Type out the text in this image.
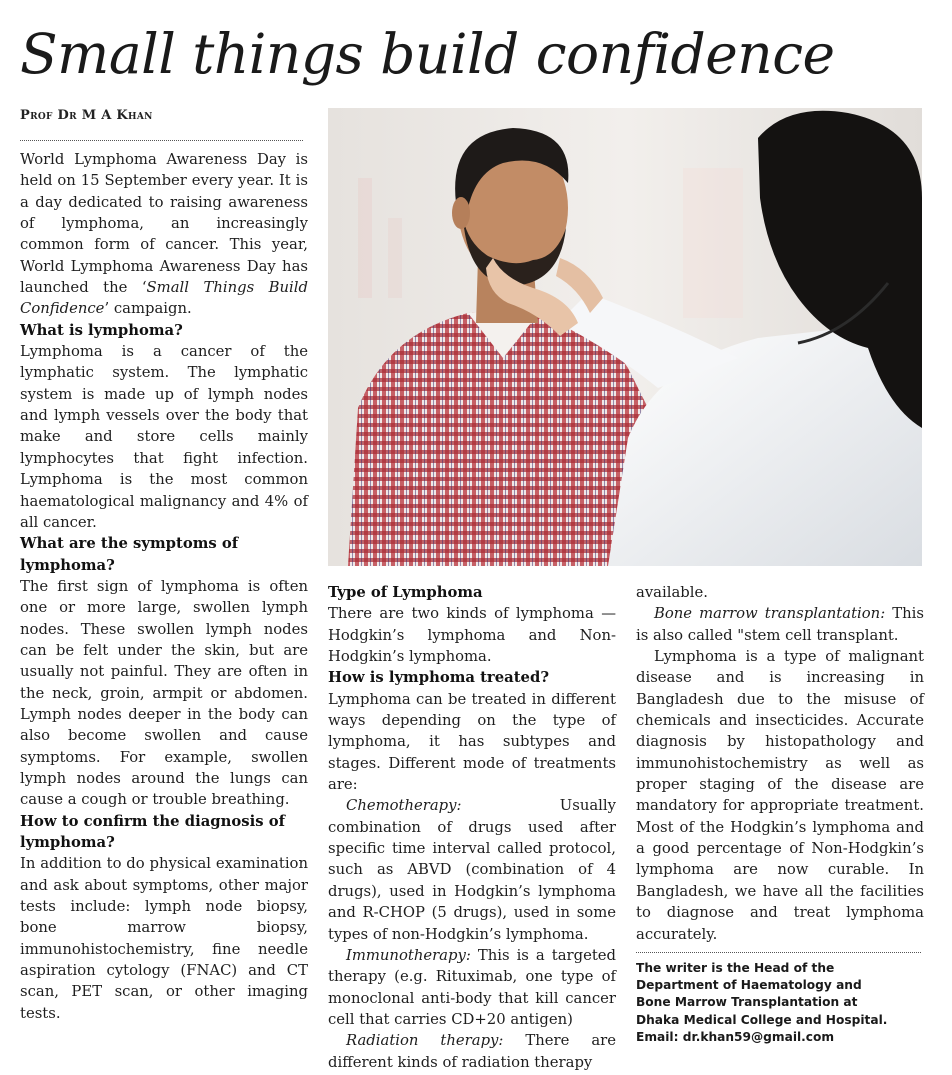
Small things build confidence
Prof Dr M A Khan

World Lymphoma Awareness Day is held on 15 September every year. It is a day dedicated to raising awareness of lymphoma, an increasingly common form of cancer. This year, World Lymphoma Awareness Day has launched the ‘Small Things Build Confidence’ campaign.

What is lymphoma?

Lymphoma is a cancer of the lymphatic system. The lymphatic system is made up of lymph nodes and lymph vessels over the body that make and store cells mainly lymphocytes that fight infection. Lymphoma is the most common haematological malignancy and 4% of all cancer.

What are the symptoms of lymphoma?

The first sign of lymphoma is often one or more large, swollen lymph nodes. These swollen lymph nodes can be felt under the skin, but are usually not painful. They are often in the neck, groin, armpit or abdomen. Lymph nodes deeper in the body can also become swollen and cause symptoms. For example, swollen lymph nodes around the lungs can cause a cough or trouble breathing.

How to confirm the diagnosis of lymphoma?

In addition to do physical examination and ask about symptoms, other major tests include: lymph node biopsy, bone marrow biopsy, immunohistochemistry, fine needle aspiration cytology (FNAC) and CT scan, PET scan, or other imaging tests.

Type of Lymphoma

There are two kinds of lymphoma — Hodgkin’s lymphoma and Non-Hodgkin’s lymphoma.

How is lymphoma treated?

Lymphoma can be treated in different ways depending on the type of lymphoma, it has subtypes and stages. Different mode of treatments are:

Chemotherapy: Usually combination of drugs used after specific time interval called protocol, such as ABVD (combination of 4 drugs), used in Hodgkin’s lymphoma and R-CHOP (5 drugs), used in some types of non-Hodgkin’s lymphoma.

Immunotherapy: This is a targeted therapy (e.g. Rituximab, one type of monoclonal anti-body that kill cancer cell that carries CD+20 antigen)

Radiation therapy: There are different kinds of radiation therapy

available.

Bone marrow transplantation: This is also called "stem cell transplant.

Lymphoma is a type of malignant disease and is increasing in Bangladesh due to the misuse of chemicals and insecticides. Accurate diagnosis by histopathology and immunohistochemistry as well as proper staging of the disease are mandatory for appropriate treatment. Most of the Hodgkin’s lymphoma and a good percentage of Non-Hodgkin’s lymphoma are now curable. In Bangladesh, we have all the facilities to diagnose and treat lymphoma accurately.

The writer is the Head of the
Department of Haematology and
Bone Marrow Transplantation at
Dhaka Medical College and Hospital.
Email: dr.khan59@gmail.com
